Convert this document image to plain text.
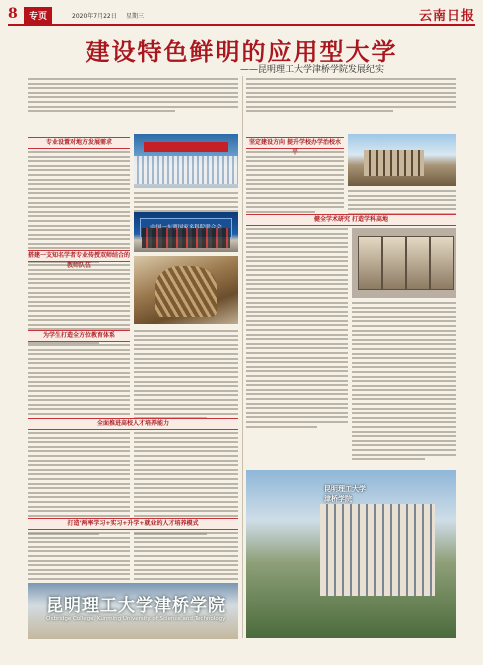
8	专页	2020年7月22日 星期三	云南日报
建设特色鲜明的应用型大学
——昆明理工大学津桥学院发展纪实
专业设置对地方发展需求
搭建一支知名学者专业传授双师结合的
为学生打造全方位教育体系
全面推进高校人才培养能力
打造'两率学习+实习+升学+就业的人才培养模式
昆明理工大学津桥学院
Oxbridge College, Kunming University of Science and Technology
坚定建设方向 提升学校办学治校水
健全学术研究 打造学科高地
昆明理工大学
津桥学院
